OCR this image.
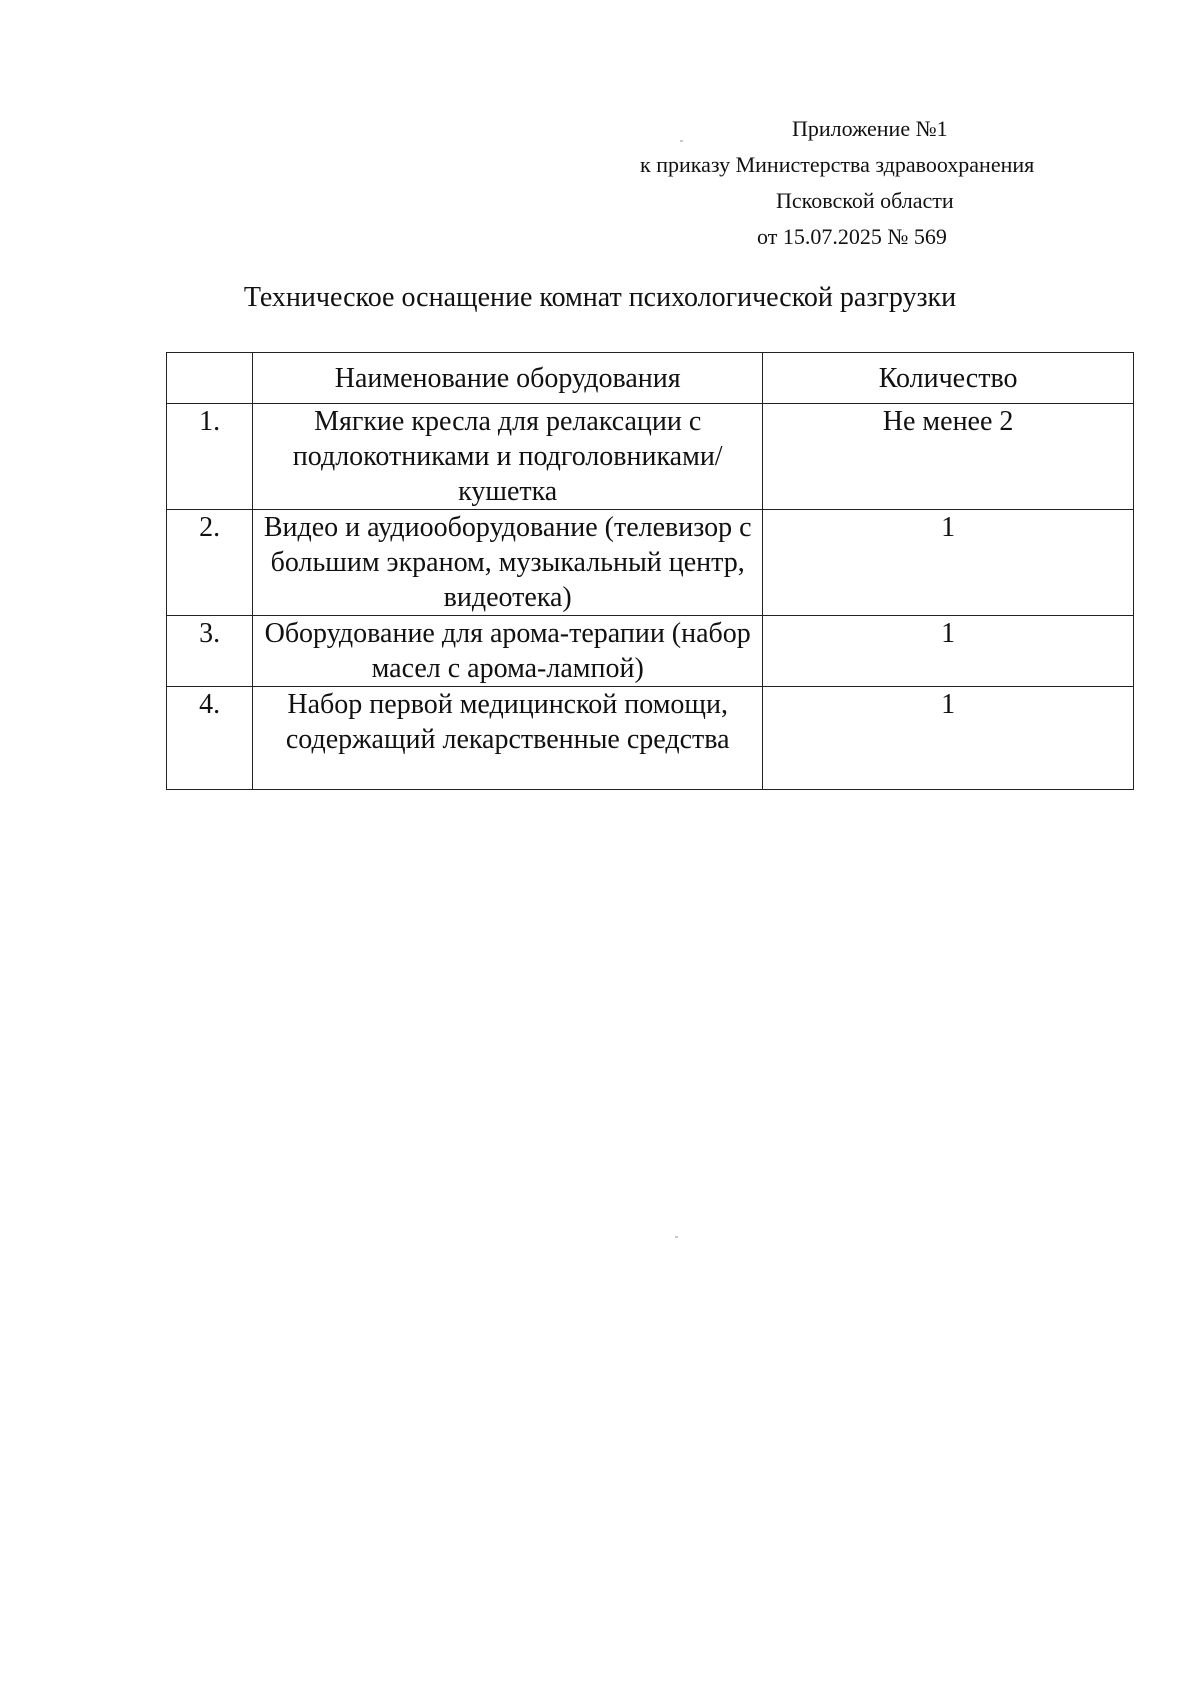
Приложение №1
к приказу Министерства здравоохранения
Псковской области
от 15.07.2025 № 569
Техническое оснащение комнат психологической разгрузки
	Наименование оборудования	Количество
1.	Мягкие кресла для релаксации с подлокотниками и подголовниками/кушетка	Не менее 2
2.	Видео и аудиооборудование (телевизор с большим экраном, музыкальный центр, видеотека)	1
3.	Оборудование для арома-терапии (набор масел с арома-лампой)	1
4.	Набор первой медицинской помощи, содержащий лекарственные средства	1
